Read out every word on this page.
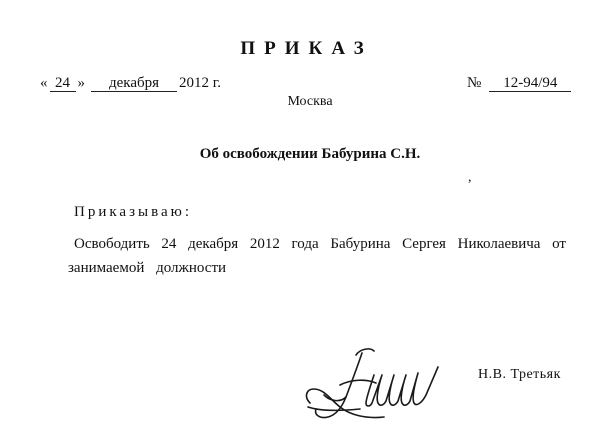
ПРИКАЗ
« 24 » декабря 2012 г.	№ 12-94/94
Москва
Об освобождении Бабурина С.Н.
,
Приказываю:
Освободить 24 декабря 2012 года Бабурина Сергея Николаевича от
занимаемой должности
Н.В. Третьяк
